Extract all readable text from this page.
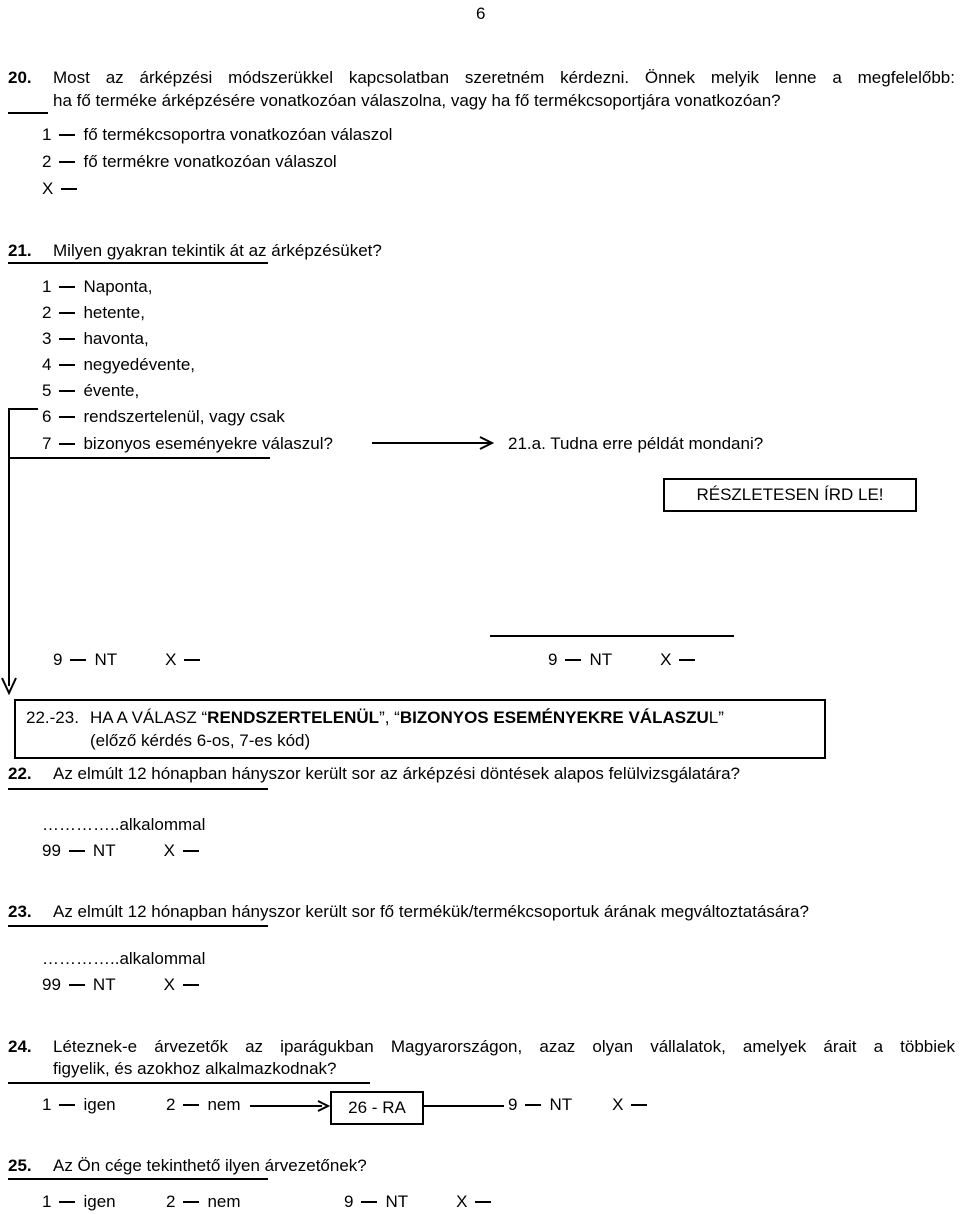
6
20. Most az árképzési módszerükkel kapcsolatban szeretném kérdezni. Önnek melyik lenne a megfelelőbb:
ha fő terméke árképzésére vonatkozóan válaszolna, vagy ha fő termékcsoportjára vonatkozóan?
1 fő termékcsoportra vonatkozóan válaszol
2 fő termékre vonatkozóan válaszol
X
21. Milyen gyakran tekintik át az árképzésüket?
1 Naponta,
2 hetente,
3 havonta,
4 negyedévente,
5 évente,
6 rendszertelenül, vagy csak
7 bizonyos eseményekre válaszul?	21.a. Tudna erre példát mondani?
RÉSZLETESEN ÍRD LE!
9 NT	X	9 NT	X
22.-23. HA A VÁLASZ “RENDSZERTELENÜL”, “BIZONYOS ESEMÉNYEKRE VÁLASZUL”
(előző kérdés 6-os, 7-es kód)
22. Az elmúlt 12 hónapban hányszor került sor az árképzési döntések alapos felülvizsgálatára?
…………..alkalommal
99 NT	X
23. Az elmúlt 12 hónapban hányszor került sor fő termékük/termékcsoportuk árának megváltoztatására?
…………..alkalommal
99 NT	X
24. Léteznek-e árvezetők az iparágukban Magyarországon, azaz olyan vállalatok, amelyek árait a többiek
figyelik, és azokhoz alkalmazkodnak?
1 igen	2 nem	26 - RA	9 NT X
25. Az Ön cége tekinthető ilyen árvezetőnek?
1 igen	2 nem	9 NT	X
